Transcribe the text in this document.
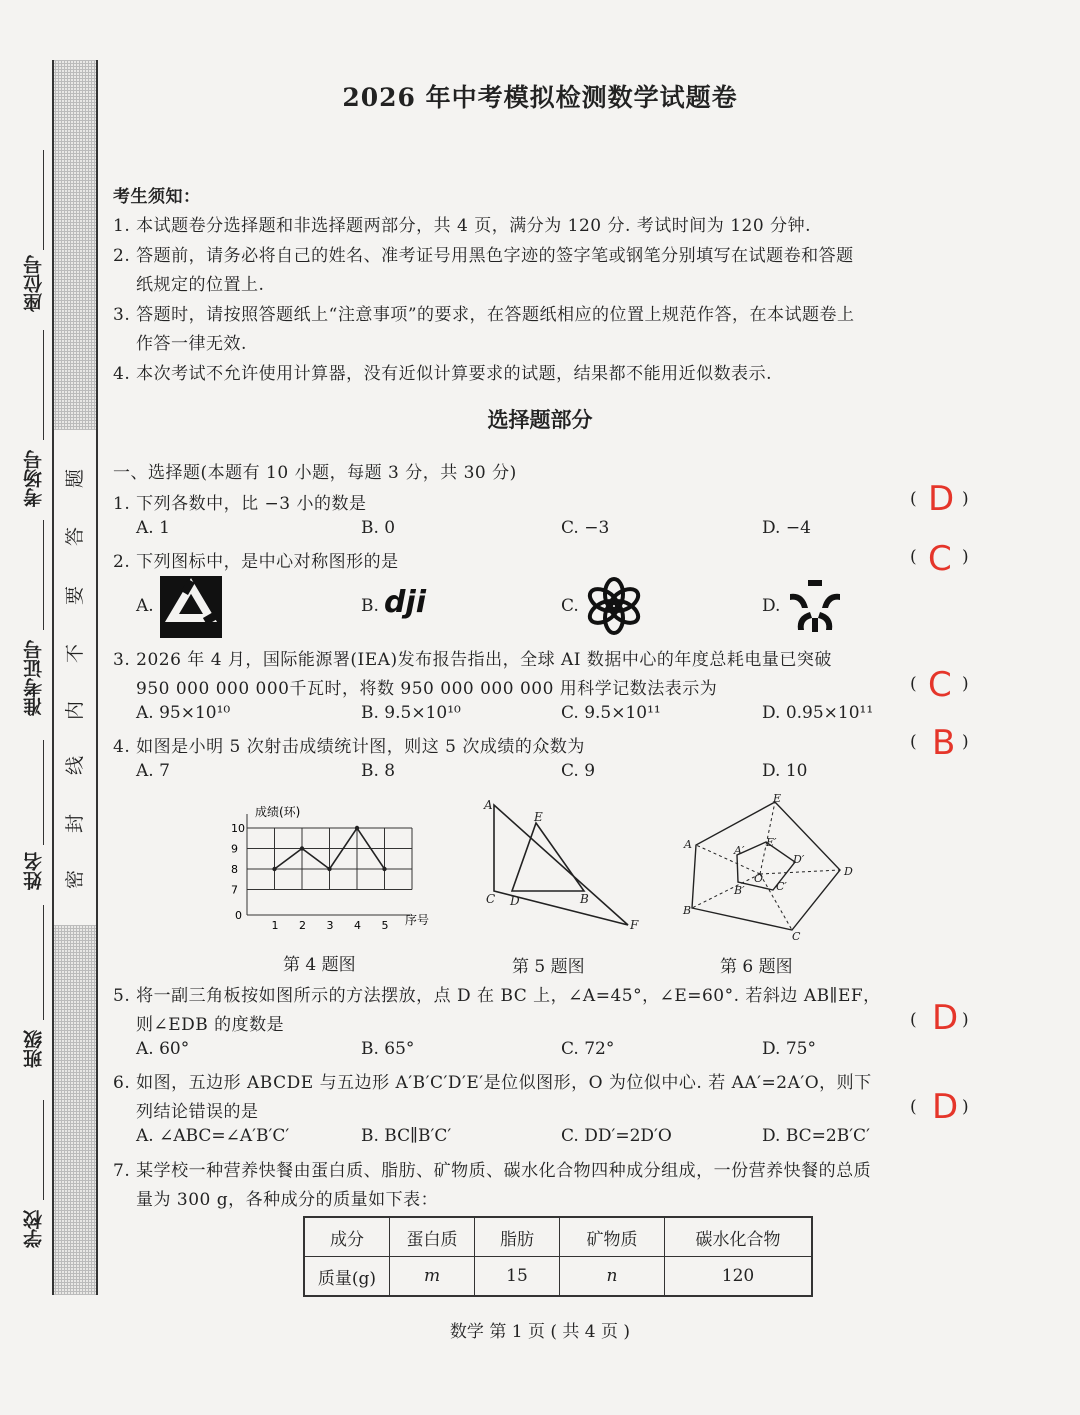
座位号
考场号
准考证号
姓名
班级
学校
题
答
要
不
内
线
封
密
2026 年中考模拟检测数学试题卷
考生须知：
1. 本试题卷分选择题和非选择题两部分，共 4 页，满分为 120 分. 考试时间为 120 分钟.
2. 答题前，请务必将自己的姓名、准考证号用黑色字迹的签字笔或钢笔分别填写在试题卷和答题
纸规定的位置上.
3. 答题时，请按照答题纸上“注意事项”的要求，在答题纸相应的位置上规范作答，在本试题卷上
作答一律无效.
4. 本次考试不允许使用计算器，没有近似计算要求的试题，结果都不能用近似数表示.
选择题部分
一、选择题(本题有 10 小题，每题 3 分，共 30 分)
1. 下列各数中，比 −3 小的数是	( D )
A. 1	B. 0	C. −3	D. −4
2. 下列图标中，是中心对称图形的是	( C )
A.	B. dji	C.	D.
3. 2026 年 4 月，国际能源署(IEA)发布报告指出，全球 AI 数据中心的年度总耗电量已突破
950 000 000 000千瓦时，将数 950 000 000 000 用科学记数法表示为	( C )
A. 95×10¹⁰	B. 9.5×10¹⁰	C. 9.5×10¹¹	D. 0.95×10¹¹
4. 如图是小明 5 次射击成绩统计图，则这 5 次成绩的众数为	( B )
A. 7	B. 8	C. 9	D. 10
10
9
8
7
0
1 2 3 4 5
成绩(环)
序号
A
E
C D	B
F
E
A
D
B
C
E′
A′
D′
O
B′	C′
第 4 题图	第 5 题图	第 6 题图
5. 将一副三角板按如图所示的方法摆放，点 D 在 BC 上，∠A=45°，∠E=60°. 若斜边 AB∥EF，
则∠EDB 的度数是	( D )
A. 60°	B. 65°	C. 72°	D. 75°
6. 如图，五边形 ABCDE 与五边形 A′B′C′D′E′是位似图形，O 为位似中心. 若 AA′=2A′O，则下
列结论错误的是	( D )
A. ∠ABC=∠A′B′C′	B. BC∥B′C′	C. DD′=2D′O	D. BC=2B′C′
7. 某学校一种营养快餐由蛋白质、脂肪、矿物质、碳水化合物四种成分组成，一份营养快餐的总质
量为 300 g，各种成分的质量如下表：
成分	蛋白质	脂肪	矿物质	碳水化合物
质量(g)	m	15	n	120
数学 第 1 页 ( 共 4 页 )
